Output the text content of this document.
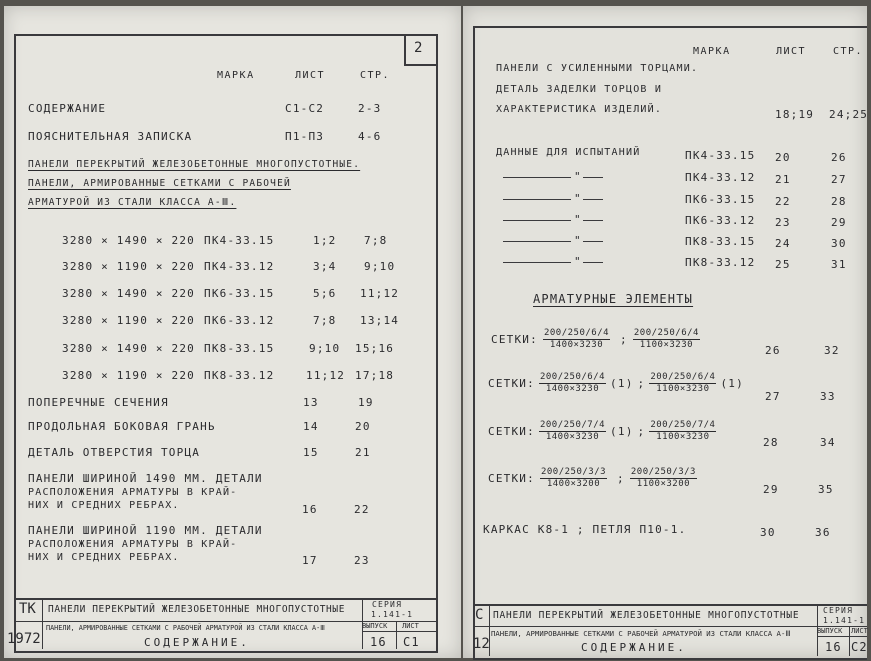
2
МАРКА	ЛИСТ	СТР.
СОДЕРЖАНИЕ	С1-С2	2-3
ПОЯСНИТЕЛЬНАЯ ЗАПИСКА	П1-П3	4-6
ПАНЕЛИ ПЕРЕКРЫТИЙ ЖЕЛЕЗОБЕТОННЫЕ МНОГОПУСТОТНЫЕ.
ПАНЕЛИ, АРМИРОВАННЫЕ СЕТКАМИ С РАБОЧЕЙ
АРМАТУРОЙ ИЗ СТАЛИ КЛАССА А-Ⅲ.
3280 × 1490 × 220 ПК4-33.15	1;2	7;8
3280 × 1190 × 220 ПК4-33.12	3;4	9;10
3280 × 1490 × 220 ПК6-33.15	5;6 11;12
3280 × 1190 × 220 ПК6-33.12	7;8 13;14
3280 × 1490 × 220 ПК8-33.15	9;10 15;16
3280 × 1190 × 220 ПК8-33.12	11;12 17;18
ПОПЕРЕЧНЫЕ СЕЧЕНИЯ	13	19
ПРОДОЛЬНАЯ БОКОВАЯ ГРАНЬ	14	20
ДЕТАЛЬ ОТВЕРСТИЯ ТОРЦА	15	21
ПАНЕЛИ ШИРИНОЙ 1490 ММ. ДЕТАЛИ
РАСПОЛОЖЕНИЯ АРМАТУРЫ В КРАЙ-
НИХ И СРЕДНИХ РЕБРАХ.	16	22
ПАНЕЛИ ШИРИНОЙ 1190 ММ. ДЕТАЛИ
РАСПОЛОЖЕНИЯ АРМАТУРЫ В КРАЙ-
НИХ И СРЕДНИХ РЕБРАХ.	17	23
ТК
1972
ПАНЕЛИ ПЕРЕКРЫТИЙ ЖЕЛЕЗОБЕТОННЫЕ МНОГОПУСТОТНЫЕ
ПАНЕЛИ, АРМИРОВАННЫЕ СЕТКАМИ С РАБОЧЕЙ АРМАТУРОЙ ИЗ СТАЛИ КЛАССА А-Ⅲ
СОДЕРЖАНИЕ.
СЕРИЯ
1.141-1
ВЫПУСК ЛИСТ
16 С1
МАРКА	ЛИСТ	СТР.
ПАНЕЛИ С УСИЛЕННЫМИ ТОРЦАМИ.
ДЕТАЛЬ ЗАДЕЛКИ ТОРЦОВ И
ХАРАКТЕРИСТИКА ИЗДЕЛИЙ.	18;19 24;25
ДАННЫЕ ДЛЯ ИСПЫТАНИЙ	ПК4-33.15 20	26
"	ПК4-33.12 21	27
"	ПК6-33.15 22	28
"	ПК6-33.12 23	29
"	ПК8-33.15 24	30
"	ПК8-33.12 25	31
АРМАТУРНЫЕ ЭЛЕМЕНТЫ
СЕТКИ: 200/250/6/4
1400×3230 ; 200/250/6/4
1100×3230	26	32
СЕТКИ: 200/250/6/4
1400×3230 (1) ; 200/250/6/4
1100×3230 (1)
27	33
СЕТКИ: 200/250/7/4
1400×3230 (1) ; 200/250/7/4
1100×3230	28	34
СЕТКИ: 200/250/3/3
1400×3200 ; 200/250/3/3
1100×3200	29	35
КАРКАС К8-1 ; ПЕТЛЯ П10-1.	30	36
С
12
ПАНЕЛИ ПЕРЕКРЫТИЙ ЖЕЛЕЗОБЕТОННЫЕ МНОГОПУСТОТНЫЕ
ПАНЕЛИ, АРМИРОВАННЫЕ СЕТКАМИ С РАБОЧЕЙ АРМАТУРОЙ ИЗ СТАЛИ КЛАССА А-Ⅲ
СОДЕРЖАНИЕ.
СЕРИЯ
1.141-1
ВЫПУСК ЛИСТ
16 С2
